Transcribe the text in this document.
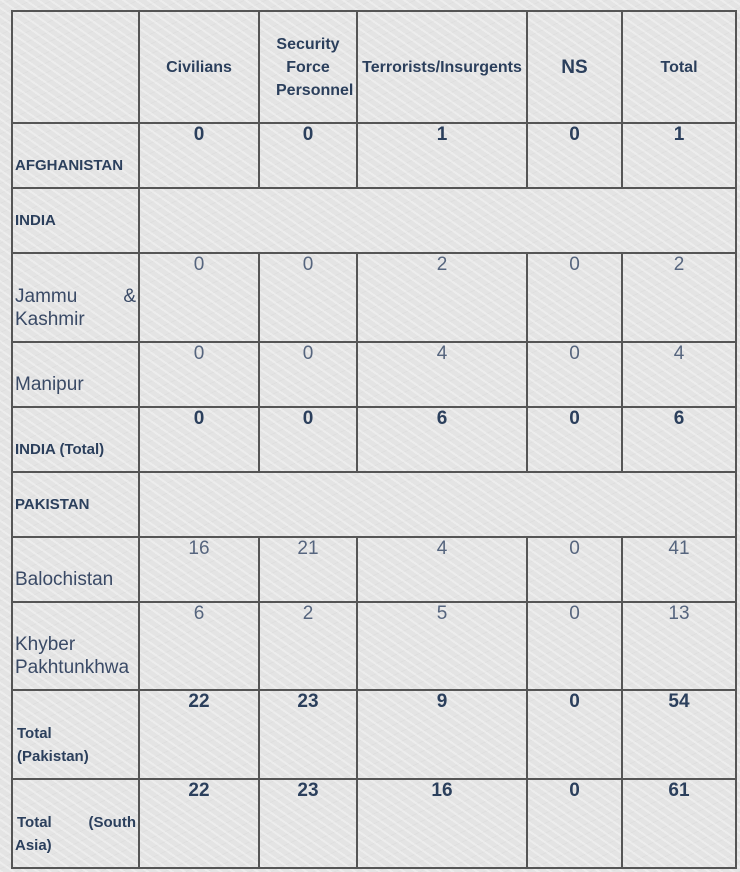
	Civilians	Security Force Personnel	Terrorists/Insurgents	NS	Total
AFGHANISTAN	0	0	1	0	1
INDIA					

Jammu &
Kashmir	0	0	2	0	2
Manipur	0	0	4	0	4
INDIA (Total)	0	0	6	0	6
PAKISTAN					
Balochistan	16	21	4	0	41

Khyber
Pakhtunkhwa	6	2	5	0	13

Total
(Pakistan)	22	23	9	0	54

Total (South
Asia)	22	23	16	0	61
